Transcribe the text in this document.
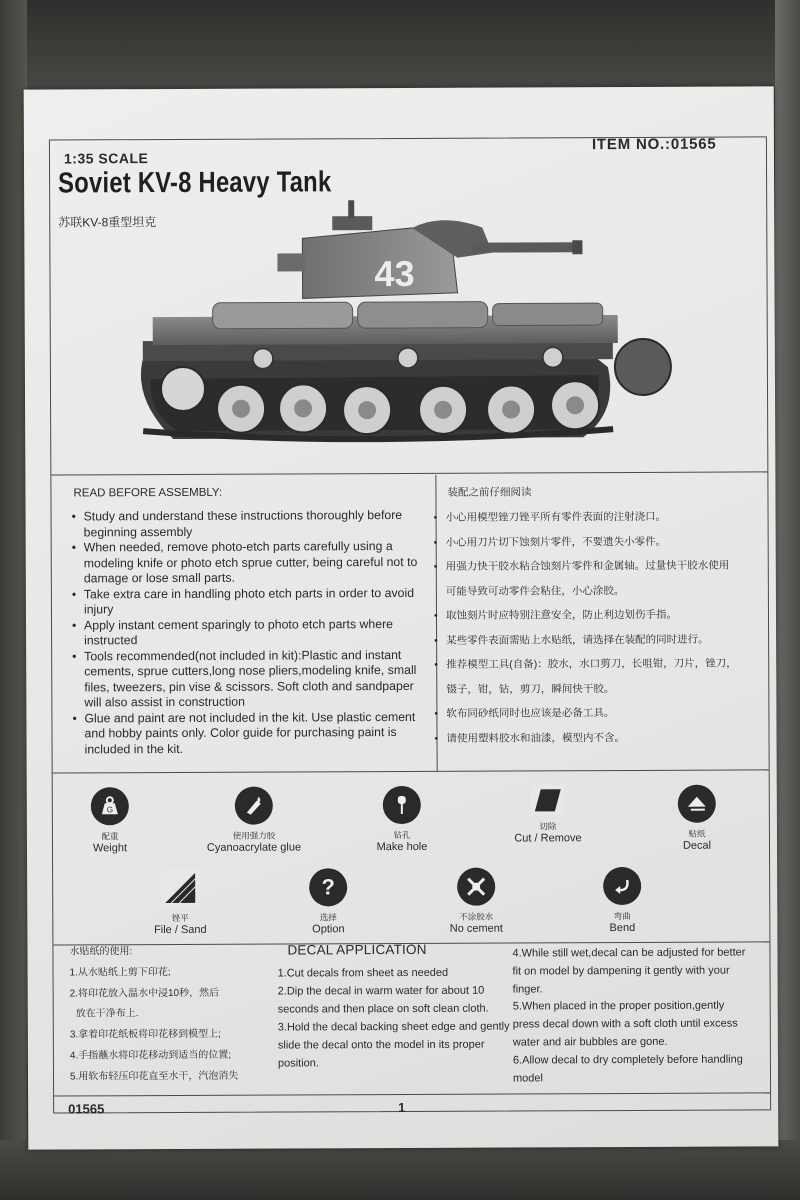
1:35 SCALE
ITEM NO.:01565
Soviet KV-8 Heavy Tank
苏联KV-8重型坦克
43
READ BEFORE ASSEMBLY:	装配之前仔细阅读
• Study and understand these instructions thoroughly before beginning assembly
• When needed, remove photo-etch parts carefully using a modeling knife or photo etch sprue cutter, being careful not to damage or lose small parts.
• Take extra care in handling photo etch parts in order to avoid injury
• Apply instant cement sparingly to photo etch parts where instructed
• Tools recommended(not included in kit):Plastic and instant cements, sprue cutters,long nose pliers,modeling knife, small files, tweezers, pin vise & scissors. Soft cloth and sandpaper will also assist in construction
• Glue and paint are not included in the kit. Use plastic cement and hobby paints only. Color guide for purchasing paint is included in the kit.
• 小心用模型锉刀锉平所有零件表面的注射浇口。
• 小心用刀片切下蚀刻片零件，不要遗失小零件。
• 用强力快干胶水粘合蚀刻片零件和金属轴。过量快干胶水使用可能导致可动零件会粘住，小心涂胶。
• 取蚀刻片时应特别注意安全，防止利边划伤手指。
• 某些零件表面需贴上水贴纸，请选择在装配的同时进行。
• 推荐模型工具(自备)：胶水，水口剪刀，长咀钳，刀片，锉刀，镊子，钳，钻，剪刀，瞬间快干胶。
• 软布同砂纸同时也应该是必备工具。
• 请使用塑料胶水和油漆，模型内不含。
G
配重
Weight
使用强力胶
Cyanoacrylate glue
钻孔
Make hole
切除
Cut / Remove	贴纸
Decal
锉平
File / Sand
?
选择
Option
不涂胶水
No cement
弯曲
Bend
水贴纸的使用:
1.从水贴纸上剪下印花;
2.将印花放入温水中浸10秒，然后
放在干净布上.
3.拿着印花纸板将印花移到模型上;
4.手指蘸水将印花移动到适当的位置;
5.用软布轻压印花直至水干，汽泡消失
DECAL APPLICATION
1.Cut decals from sheet as needed
2.Dip the decal in warm water for about 10 seconds and then place on soft clean cloth.
3.Hold the decal backing sheet edge and gently slide the decal onto the model in its proper position.
4.While still wet,decal can be adjusted for better fit on model by dampening it gently with your finger.
5.When placed in the proper position,gently press decal down with a soft cloth until excess water and air bubbles are gone.
6.Allow decal to dry completely before handling model
01565	1
